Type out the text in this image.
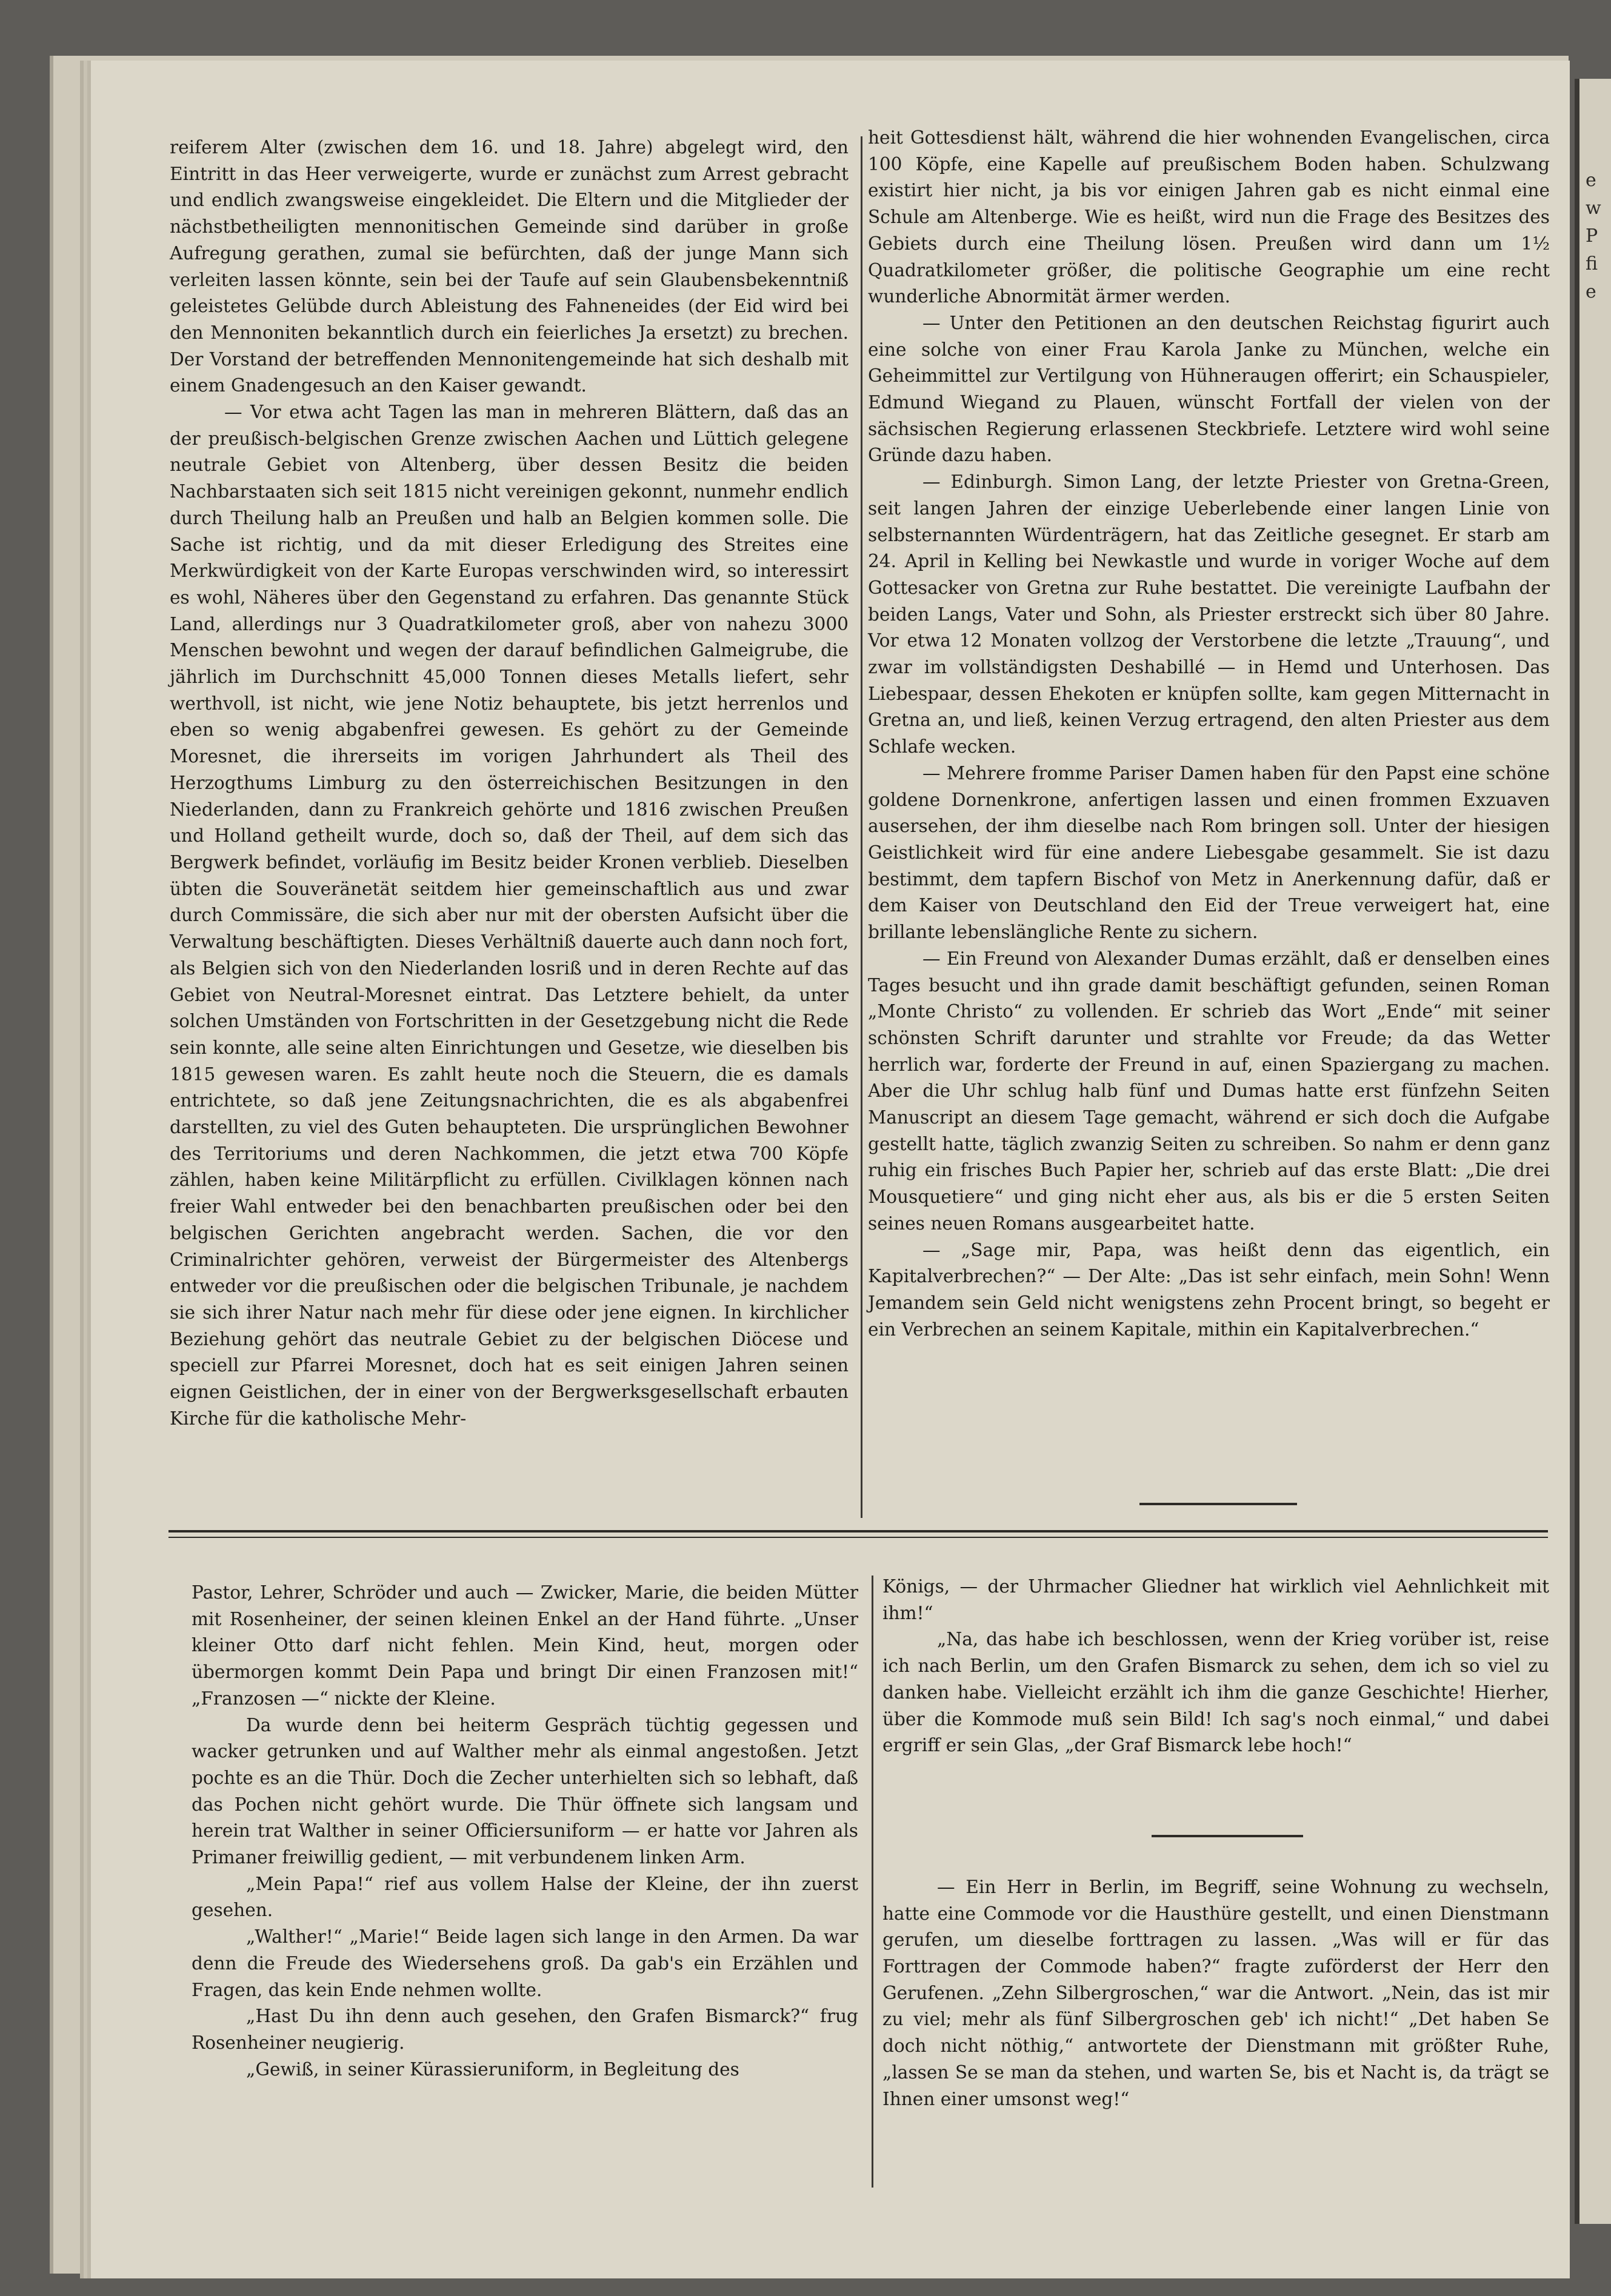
e
w
P
fi
e

reiferem Alter (zwischen dem 16. und 18. Jahre) abgelegt wird, den Eintritt in das Heer verweigerte, wurde er zunächst zum Arrest gebracht und endlich zwangsweise eingekleidet. Die Eltern und die Mitglieder der nächstbetheiligten mennonitischen Gemeinde sind darüber in große Aufregung gerathen, zumal sie befürchten, daß der junge Mann sich verleiten lassen könnte, sein bei der Taufe auf sein Glaubensbekenntniß geleistetes Gelübde durch Ableistung des Fahneneides (der Eid wird bei den Mennoniten bekanntlich durch ein feierliches Ja ersetzt) zu brechen. Der Vorstand der betreffenden Mennonitengemeinde hat sich deshalb mit einem Gnadengesuch an den Kaiser gewandt.

— Vor etwa acht Tagen las man in mehreren Blättern, daß das an der preußisch-belgischen Grenze zwischen Aachen und Lüttich gelegene neutrale Gebiet von Altenberg, über dessen Besitz die beiden Nachbarstaaten sich seit 1815 nicht vereinigen gekonnt, nunmehr endlich durch Theilung halb an Preußen und halb an Belgien kommen solle. Die Sache ist richtig, und da mit dieser Erledigung des Streites eine Merkwürdigkeit von der Karte Europas verschwinden wird, so interessirt es wohl, Näheres über den Gegenstand zu erfahren. Das genannte Stück Land, allerdings nur 3 Quadratkilometer groß, aber von nahezu 3000 Menschen bewohnt und wegen der darauf befindlichen Galmeigrube, die jährlich im Durchschnitt 45,000 Tonnen dieses Metalls liefert, sehr werthvoll, ist nicht, wie jene Notiz behauptete, bis jetzt herrenlos und eben so wenig abgabenfrei gewesen. Es gehört zu der Gemeinde Moresnet, die ihrerseits im vorigen Jahrhundert als Theil des Herzogthums Limburg zu den österreichischen Besitzungen in den Niederlanden, dann zu Frankreich gehörte und 1816 zwischen Preußen und Holland getheilt wurde, doch so, daß der Theil, auf dem sich das Bergwerk befindet, vorläufig im Besitz beider Kronen verblieb. Dieselben übten die Souveränetät seitdem hier gemeinschaftlich aus und zwar durch Commissäre, die sich aber nur mit der obersten Aufsicht über die Verwaltung beschäftigten. Dieses Verhältniß dauerte auch dann noch fort, als Belgien sich von den Niederlanden losriß und in deren Rechte auf das Gebiet von Neutral-Moresnet eintrat. Das Letztere behielt, da unter solchen Umständen von Fortschritten in der Gesetzgebung nicht die Rede sein konnte, alle seine alten Einrichtungen und Gesetze, wie dieselben bis 1815 gewesen waren. Es zahlt heute noch die Steuern, die es damals entrichtete, so daß jene Zeitungsnachrichten, die es als abgabenfrei darstellten, zu viel des Guten behaupteten. Die ursprünglichen Bewohner des Territoriums und deren Nachkommen, die jetzt etwa 700 Köpfe zählen, haben keine Militärpflicht zu erfüllen. Civilklagen können nach freier Wahl entweder bei den benachbarten preußischen oder bei den belgischen Gerichten angebracht werden. Sachen, die vor den Criminalrichter gehören, verweist der Bürgermeister des Altenbergs entweder vor die preußischen oder die belgischen Tribunale, je nachdem sie sich ihrer Natur nach mehr für diese oder jene eignen. In kirchlicher Beziehung gehört das neutrale Gebiet zu der belgischen Diöcese und speciell zur Pfarrei Moresnet, doch hat es seit einigen Jahren seinen eignen Geistlichen, der in einer von der Bergwerksgesellschaft erbauten Kirche für die katholische Mehr-

heit Gottesdienst hält, während die hier wohnenden Evangelischen, circa 100 Köpfe, eine Kapelle auf preußischem Boden haben. Schulzwang existirt hier nicht, ja bis vor einigen Jahren gab es nicht einmal eine Schule am Altenberge. Wie es heißt, wird nun die Frage des Besitzes des Gebiets durch eine Theilung lösen. Preußen wird dann um 1½ Quadratkilometer größer, die politische Geographie um eine recht wunderliche Abnormität ärmer werden.

— Unter den Petitionen an den deutschen Reichstag figurirt auch eine solche von einer Frau Karola Janke zu München, welche ein Geheimmittel zur Vertilgung von Hühneraugen offerirt; ein Schauspieler, Edmund Wiegand zu Plauen, wünscht Fortfall der vielen von der sächsischen Regierung erlassenen Steckbriefe. Letztere wird wohl seine Gründe dazu haben.

— Edinburgh. Simon Lang, der letzte Priester von Gretna-Green, seit langen Jahren der einzige Ueberlebende einer langen Linie von selbsternannten Würdenträgern, hat das Zeitliche gesegnet. Er starb am 24. April in Kelling bei Newkastle und wurde in voriger Woche auf dem Gottesacker von Gretna zur Ruhe bestattet. Die vereinigte Laufbahn der beiden Langs, Vater und Sohn, als Priester erstreckt sich über 80 Jahre. Vor etwa 12 Monaten vollzog der Verstorbene die letzte „Trauung“, und zwar im vollständigsten Deshabillé — in Hemd und Unterhosen. Das Liebespaar, dessen Ehekoten er knüpfen sollte, kam gegen Mitternacht in Gretna an, und ließ, keinen Verzug ertragend, den alten Priester aus dem Schlafe wecken.

— Mehrere fromme Pariser Damen haben für den Papst eine schöne goldene Dornenkrone, anfertigen lassen und einen frommen Exzuaven ausersehen, der ihm dieselbe nach Rom bringen soll. Unter der hiesigen Geistlichkeit wird für eine andere Liebesgabe gesammelt. Sie ist dazu bestimmt, dem tapfern Bischof von Metz in Anerkennung dafür, daß er dem Kaiser von Deutschland den Eid der Treue verweigert hat, eine brillante lebenslängliche Rente zu sichern.

— Ein Freund von Alexander Dumas erzählt, daß er denselben eines Tages besucht und ihn grade damit beschäftigt gefunden, seinen Roman „Monte Christo“ zu vollenden. Er schrieb das Wort „Ende“ mit seiner schönsten Schrift darunter und strahlte vor Freude; da das Wetter herrlich war, forderte der Freund in auf, einen Spaziergang zu machen. Aber die Uhr schlug halb fünf und Dumas hatte erst fünfzehn Seiten Manuscript an diesem Tage gemacht, während er sich doch die Aufgabe gestellt hatte, täglich zwanzig Seiten zu schreiben. So nahm er denn ganz ruhig ein frisches Buch Papier her, schrieb auf das erste Blatt: „Die drei Mousquetiere“ und ging nicht eher aus, als bis er die 5 ersten Seiten seines neuen Romans ausgearbeitet hatte.

— „Sage mir, Papa, was heißt denn das eigentlich, ein Kapitalverbrechen?“ — Der Alte: „Das ist sehr einfach, mein Sohn! Wenn Jemandem sein Geld nicht wenigstens zehn Procent bringt, so begeht er ein Verbrechen an seinem Kapitale, mithin ein Kapitalverbrechen.“

Pastor, Lehrer, Schröder und auch — Zwicker, Marie, die beiden Mütter mit Rosenheiner, der seinen kleinen Enkel an der Hand führte. „Unser kleiner Otto darf nicht fehlen. Mein Kind, heut, morgen oder übermorgen kommt Dein Papa und bringt Dir einen Franzosen mit!“ „Franzosen —“ nickte der Kleine.

Da wurde denn bei heiterm Gespräch tüchtig gegessen und wacker getrunken und auf Walther mehr als einmal angestoßen. Jetzt pochte es an die Thür. Doch die Zecher unterhielten sich so lebhaft, daß das Pochen nicht gehört wurde. Die Thür öffnete sich langsam und herein trat Walther in seiner Officiersuniform — er hatte vor Jahren als Primaner freiwillig gedient, — mit verbundenem linken Arm.

„Mein Papa!“ rief aus vollem Halse der Kleine, der ihn zuerst gesehen.

„Walther!“ „Marie!“ Beide lagen sich lange in den Armen. Da war denn die Freude des Wiedersehens groß. Da gab's ein Erzählen und Fragen, das kein Ende nehmen wollte.

„Hast Du ihn denn auch gesehen, den Grafen Bismarck?“ frug Rosenheiner neugierig.

„Gewiß, in seiner Kürassieruniform, in Begleitung des

Königs, — der Uhrmacher Gliedner hat wirklich viel Aehnlichkeit mit ihm!“

„Na, das habe ich beschlossen, wenn der Krieg vorüber ist, reise ich nach Berlin, um den Grafen Bismarck zu sehen, dem ich so viel zu danken habe. Vielleicht erzählt ich ihm die ganze Geschichte! Hierher, über die Kommode muß sein Bild! Ich sag's noch einmal,“ und dabei ergriff er sein Glas, „der Graf Bismarck lebe hoch!“

— Ein Herr in Berlin, im Begriff, seine Wohnung zu wechseln, hatte eine Commode vor die Hausthüre gestellt, und einen Dienstmann gerufen, um dieselbe forttragen zu lassen. „Was will er für das Forttragen der Commode haben?“ fragte zuförderst der Herr den Gerufenen. „Zehn Silbergroschen,“ war die Antwort. „Nein, das ist mir zu viel; mehr als fünf Silbergroschen geb' ich nicht!“ „Det haben Se doch nicht nöthig,“ antwortete der Dienstmann mit größter Ruhe, „lassen Se se man da stehen, und warten Se, bis et Nacht is, da trägt se Ihnen einer umsonst weg!“
